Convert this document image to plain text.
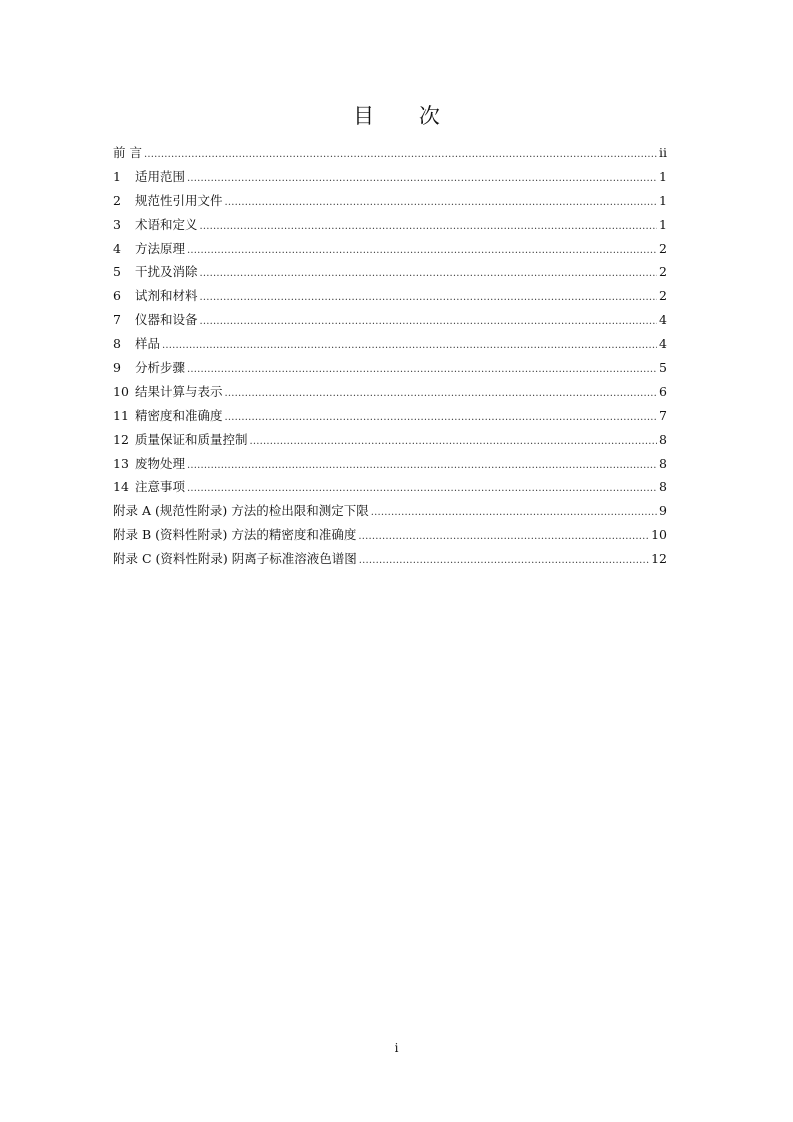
目 次
前 言 .....	ii
1 适用范围 .....	1
2 规范性引用文件 .....	1
3 术语和定义 .....	1
4 方法原理 .....	2
5 干扰及消除 .....	2
6 试剂和材料 .....	2
7 仪器和设备 .....	4
8 样品 .....	4
9 分析步骤 .....	5
10 结果计算与表示 .....	6
11 精密度和准确度 .....	7
12 质量保证和质量控制 .....	8
13 废物处理 .....	8
14 注意事项 .....	8
附录 A (规范性附录) 方法的检出限和测定下限 .....	9
附录 B (资料性附录) 方法的精密度和准确度 .....	10
附录 C (资料性附录) 阴离子标准溶液色谱图 .....	12
i
